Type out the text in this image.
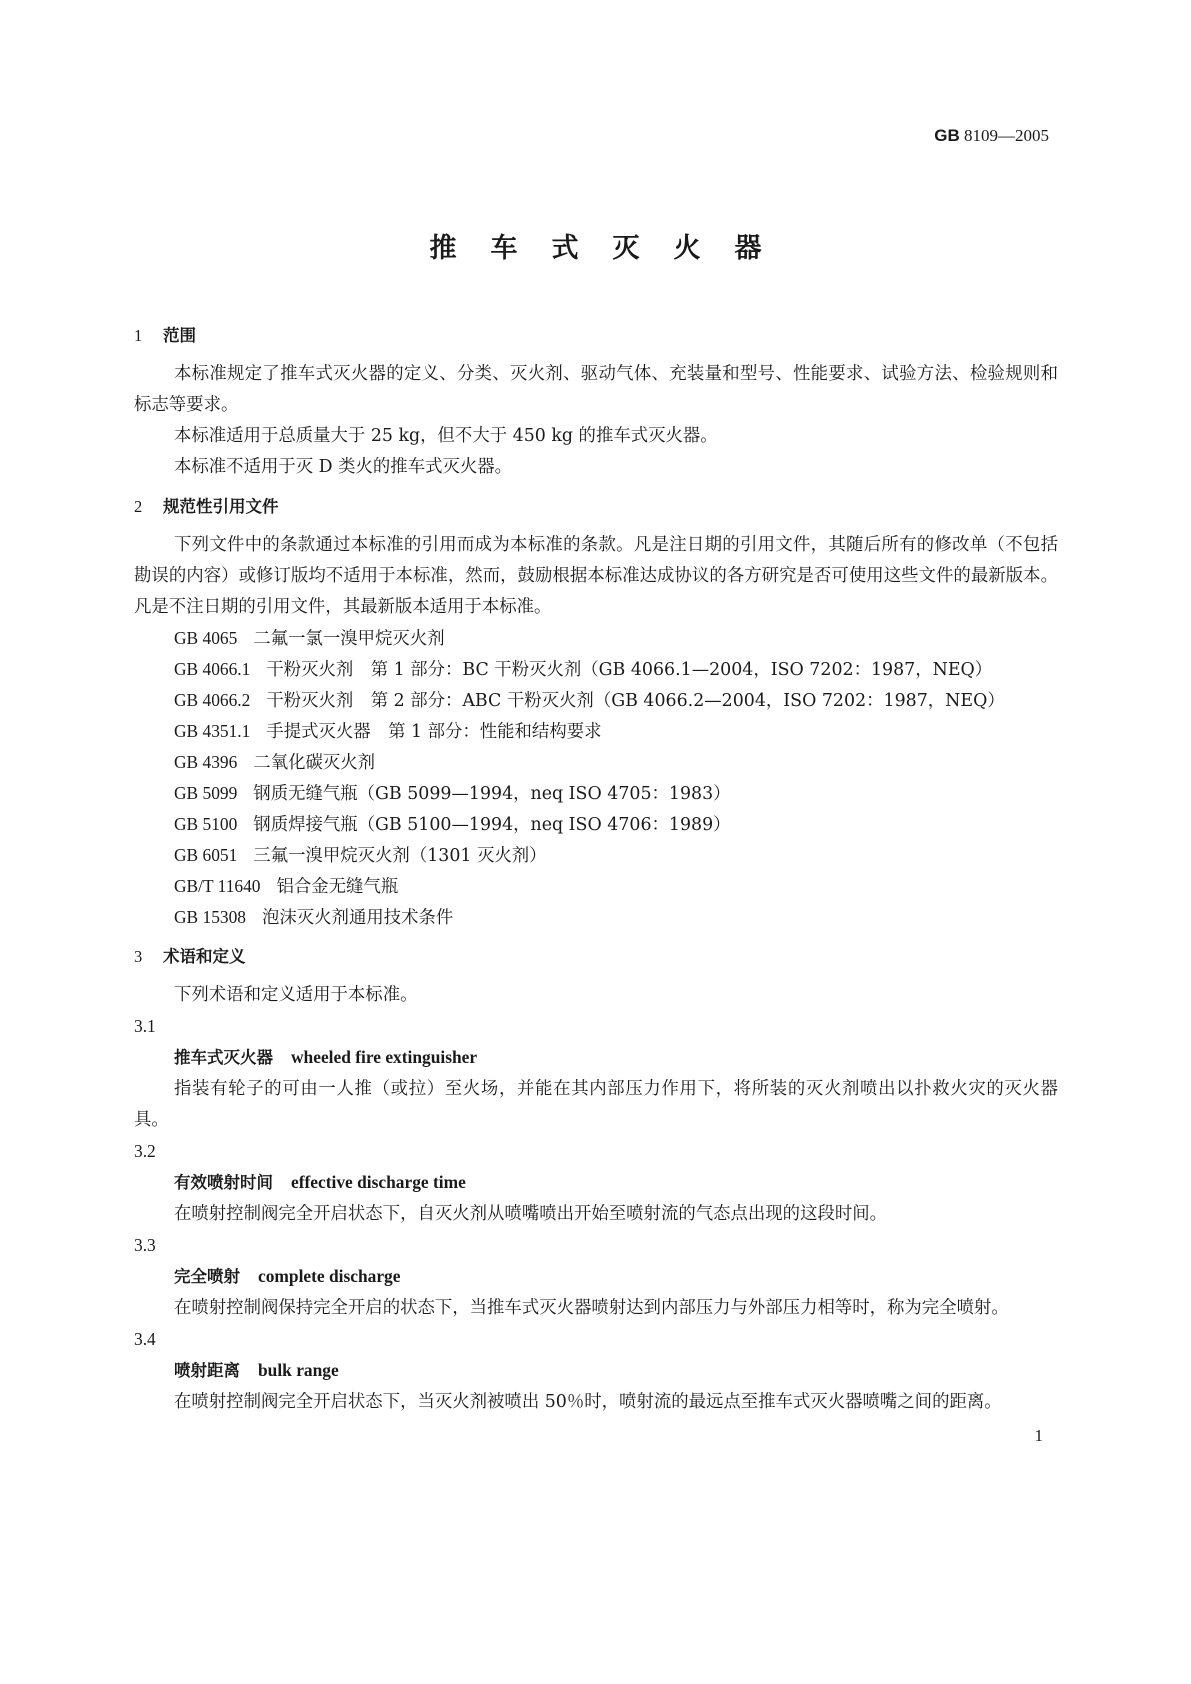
GB 8109—2005
推车式灭火器
1 范围

本标准规定了推车式灭火器的定义、分类、灭火剂、驱动气体、充装量和型号、性能要求、试验方法、检验规则和标志等要求。

本标准适用于总质量大于 25 kg，但不大于 450 kg 的推车式灭火器。

本标准不适用于灭 D 类火的推车式灭火器。

2 规范性引用文件

下列文件中的条款通过本标准的引用而成为本标准的条款。凡是注日期的引用文件，其随后所有的修改单（不包括勘误的内容）或修订版均不适用于本标准，然而，鼓励根据本标准达成协议的各方研究是否可使用这些文件的最新版本。凡是不注日期的引用文件，其最新版本适用于本标准。

GB 4065 二氟一氯一溴甲烷灭火剂

GB 4066.1 干粉灭火剂　第 1 部分：BC 干粉灭火剂（GB 4066.1—2004，ISO 7202：1987，NEQ）

GB 4066.2 干粉灭火剂　第 2 部分：ABC 干粉灭火剂（GB 4066.2—2004，ISO 7202：1987，NEQ）

GB 4351.1 手提式灭火器　第 1 部分：性能和结构要求

GB 4396 二氧化碳灭火剂

GB 5099 钢质无缝气瓶（GB 5099—1994，neq ISO 4705：1983）

GB 5100 钢质焊接气瓶（GB 5100—1994，neq ISO 4706：1989）

GB 6051 三氟一溴甲烷灭火剂（1301 灭火剂）

GB/T 11640 铝合金无缝气瓶

GB 15308 泡沫灭火剂通用技术条件

3 术语和定义

下列术语和定义适用于本标准。

3.1

推车式灭火器 wheeled fire extinguisher

指装有轮子的可由一人推（或拉）至火场，并能在其内部压力作用下，将所装的灭火剂喷出以扑救火灾的灭火器具。

3.2

有效喷射时间 effective discharge time

在喷射控制阀完全开启状态下，自灭火剂从喷嘴喷出开始至喷射流的气态点出现的这段时间。

3.3

完全喷射 complete discharge

在喷射控制阀保持完全开启的状态下，当推车式灭火器喷射达到内部压力与外部压力相等时，称为完全喷射。

3.4

喷射距离 bulk range

在喷射控制阀完全开启状态下，当灭火剂被喷出 50％时，喷射流的最远点至推车式灭火器喷嘴之间的距离。

1
